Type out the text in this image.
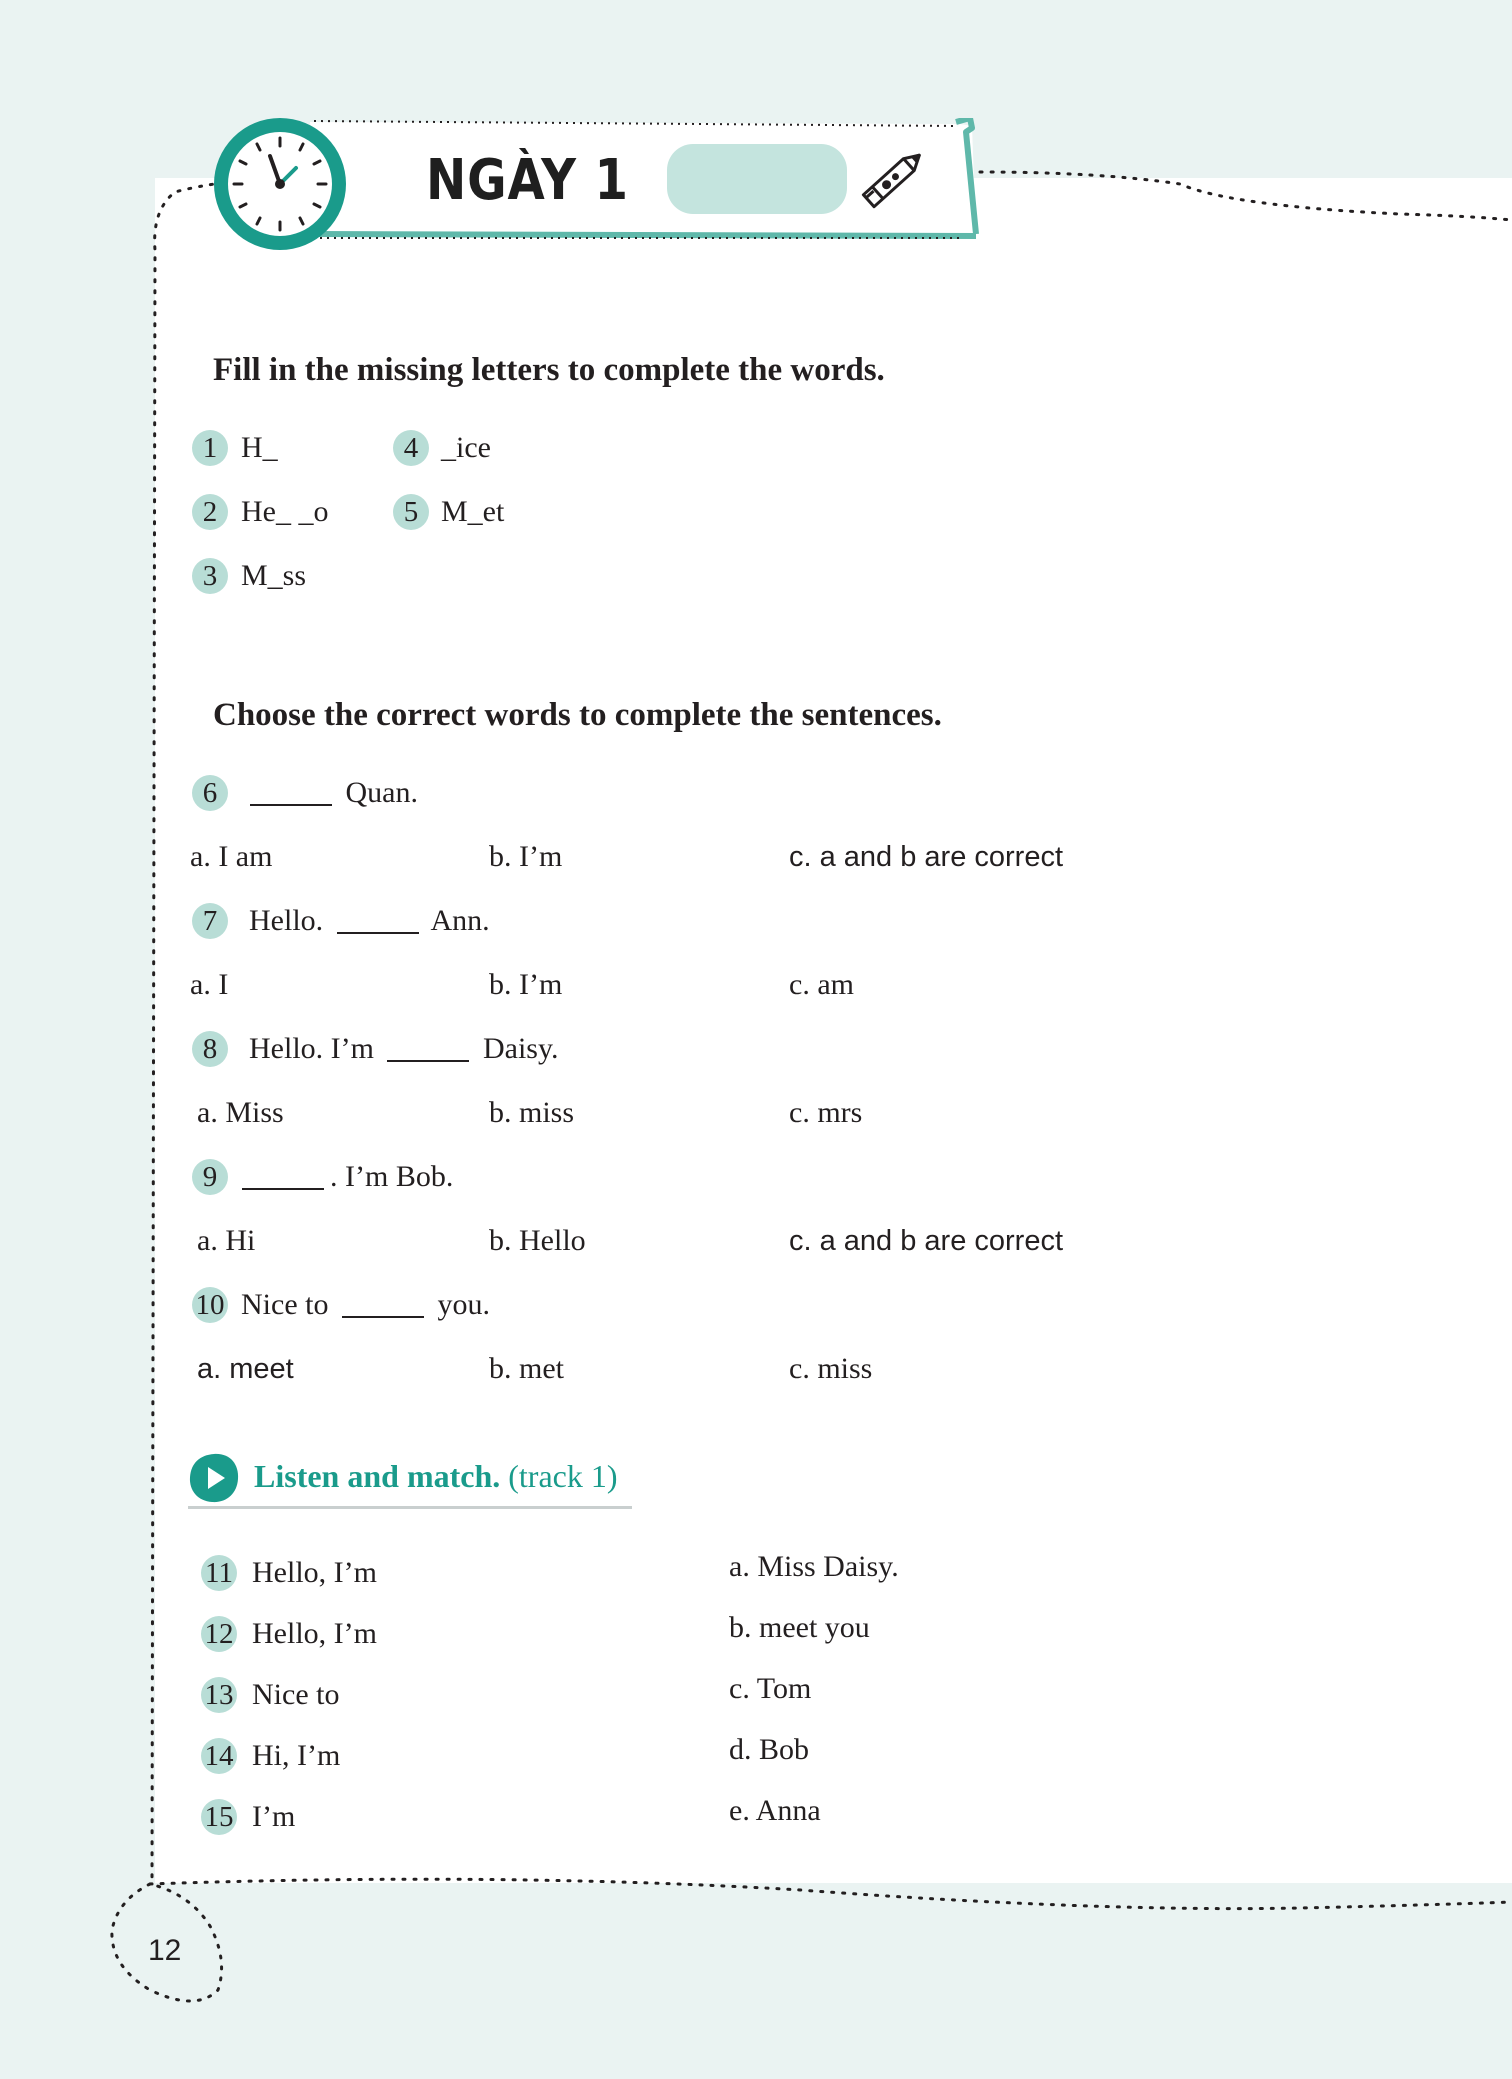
NGÀY 1
Fill in the missing letters to complete the words.
1 H_
2 He_ _o
3 M_ss
4 _ice
5 M_et
Choose the correct words to complete the sentences.
6	Quan.
a. I am	b. I’m	c. a and b are correct
7	Hello.	Ann.
a. I	b. I’m	c. am
8	Hello. I’m	Daisy.
a. Miss	b. miss	c. mrs
9	. I’m Bob.
a. Hi	b. Hello	c. a and b are correct
10 Nice to	you.
a. meet	b. met	c. miss
Listen and match. (track 1)
11 Hello, I’m
12 Hello, I’m
13 Nice to
14 Hi, I’m
15 I’m
a. Miss Daisy.
b. meet you
c. Tom
d. Bob
e. Anna
12
